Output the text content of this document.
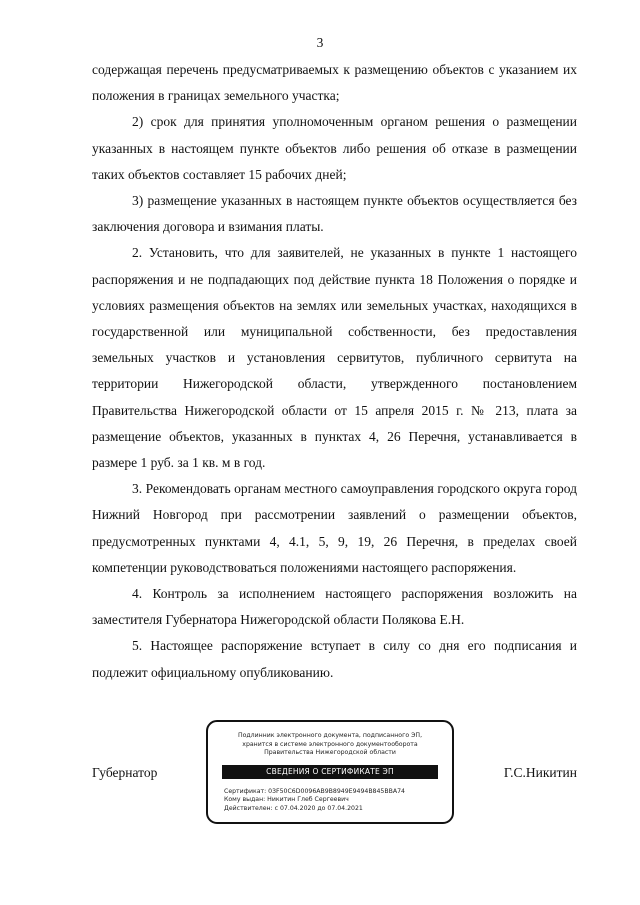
3

содержащая перечень предусматриваемых к размещению объектов с указанием их положения в границах земельного участка;

2) срок для принятия уполномоченным органом решения о размещении указанных в настоящем пункте объектов либо решения об отказе в размещении таких объектов составляет 15 рабочих дней;

3) размещение указанных в настоящем пункте объектов осуществляется без заключения договора и взимания платы.

2. Установить, что для заявителей, не указанных в пункте 1 настоящего распоряжения и не подпадающих под действие пункта 18 Положения о порядке и условиях размещения объектов на землях или земельных участках, находящихся в государственной или муниципальной собственности, без предоставления земельных участков и установления сервитутов, публичного сервитута на территории Нижегородской области, утвержденного постановлением Правительства Нижегородской области от 15 апреля 2015 г. № 213, плата за размещение объектов, указанных в пунктах 4, 26 Перечня, устанавливается в размере 1 руб. за 1 кв. м в год.

3. Рекомендовать органам местного самоуправления городского округа город Нижний Новгород при рассмотрении заявлений о размещении объектов, предусмотренных пунктами 4, 4.1, 5, 9, 19, 26 Перечня, в пределах своей компетенции руководствоваться положениями настоящего распоряжения.

4. Контроль за исполнением настоящего распоряжения возложить на заместителя Губернатора Нижегородской области Полякова Е.Н.

5. Настоящее распоряжение вступает в силу со дня его подписания и подлежит официальному опубликованию.

Губернатор	Г.С.Никитин
Подлинник электронного документа, подписанного ЭП,
хранится в системе электронного документооборота
Правительства Нижегородской области
СВЕДЕНИЯ О СЕРТИФИКАТЕ ЭП
Сертификат: 03F50C6D0096AB9B8949E9494B845BBA74
Кому выдан: Никитин Глеб Сергеевич
Действителен: с 07.04.2020 до 07.04.2021
